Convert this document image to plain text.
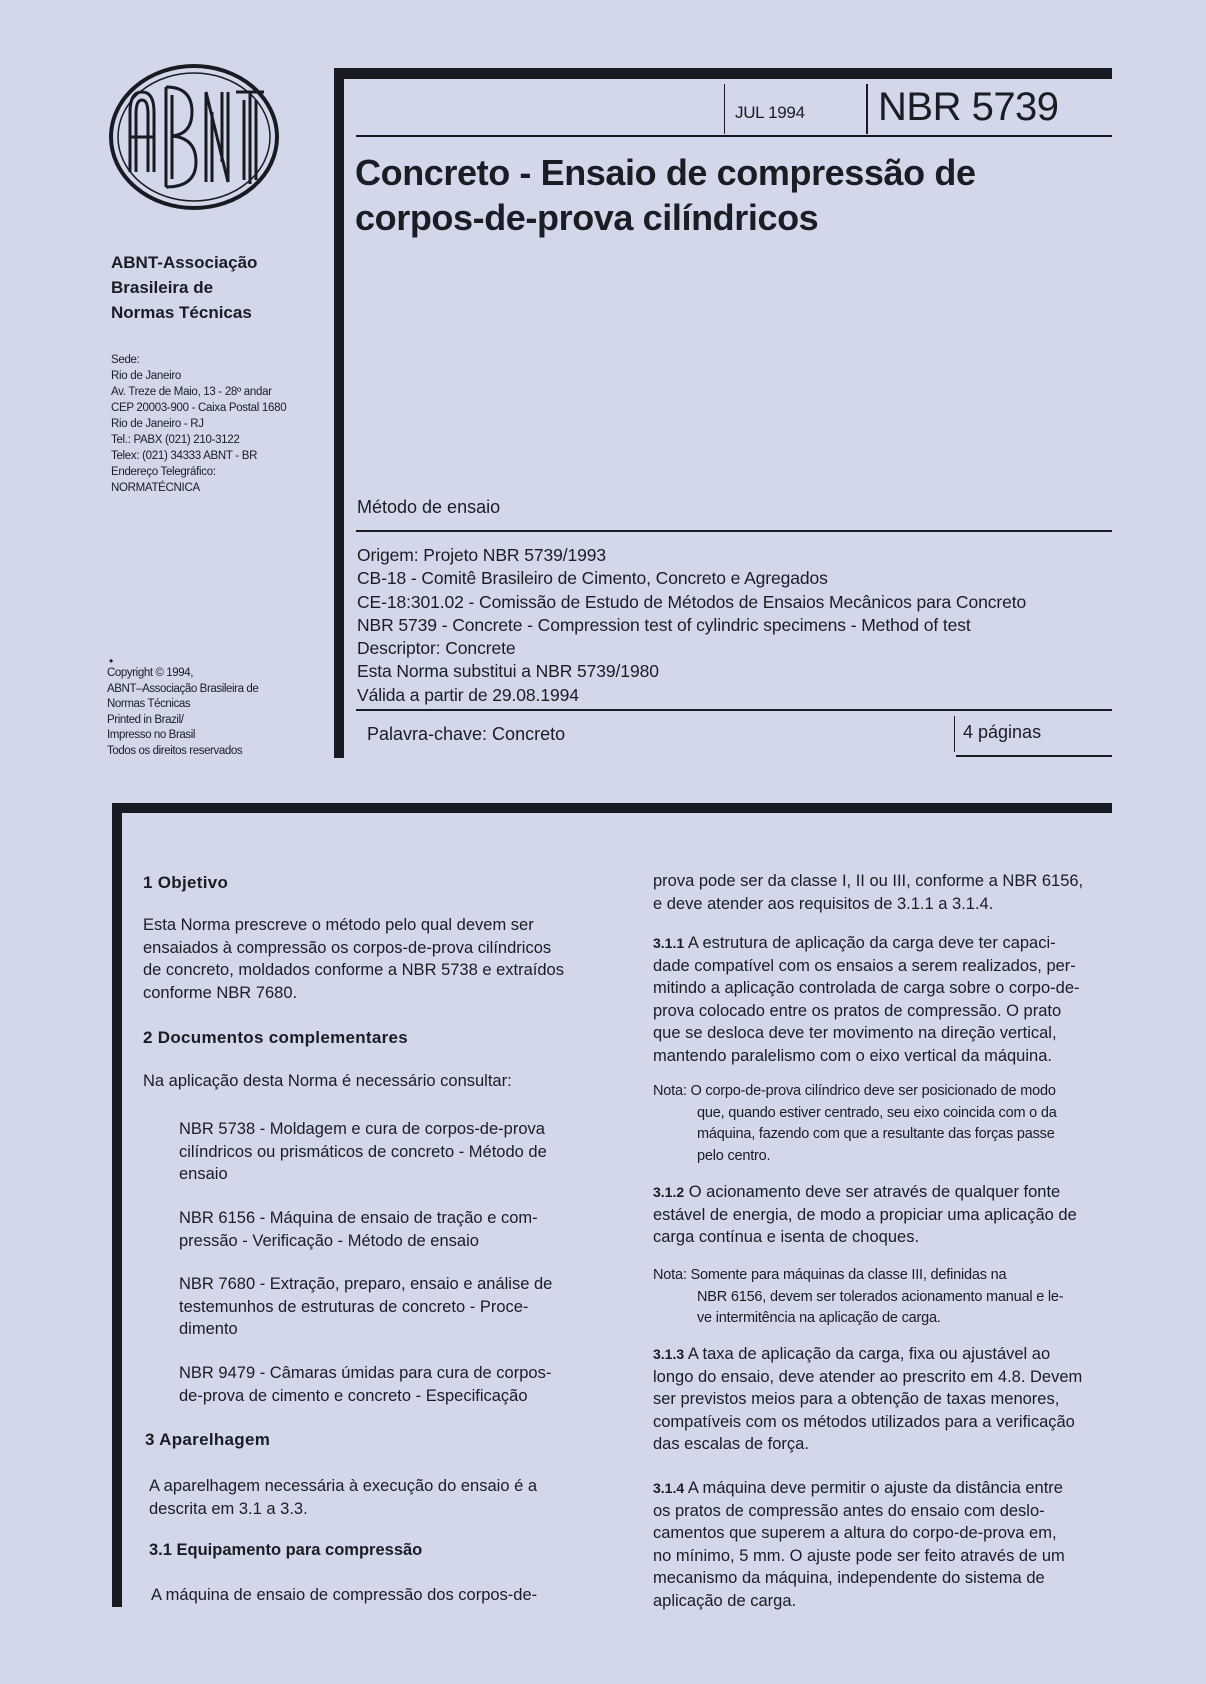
ABNT-Associação
Brasileira de
Normas Técnicas
Sede:
Rio de Janeiro
Av. Treze de Maio, 13 - 28º andar
CEP 20003-900 - Caixa Postal 1680
Rio de Janeiro - RJ
Tel.: PABX (021) 210-3122
Telex: (021) 34333 ABNT - BR
Endereço Telegráfico:
NORMATÉCNICA
•
Copyright © 1994,
ABNT–Associação Brasileira de
Normas Técnicas
Printed in Brazil/
Impresso no Brasil
Todos os direitos reservados
JUL 1994 NBR 5739
Concreto - Ensaio de compressão de
corpos-de-prova cilíndricos
Método de ensaio
Origem: Projeto NBR 5739/1993
CB-18 - Comitê Brasileiro de Cimento, Concreto e Agregados
CE-18:301.02 - Comissão de Estudo de Métodos de Ensaios Mecânicos para Concreto
NBR 5739 - Concrete - Compression test of cylindric specimens - Method of test
Descriptor: Concrete
Esta Norma substitui a NBR 5739/1980
Válida a partir de 29.08.1994
Palavra-chave: Concreto	4 páginas
1 Objetivo
Esta Norma prescreve o método pelo qual devem ser
ensaiados à compressão os corpos-de-prova cilíndricos
de concreto, moldados conforme a NBR 5738 e extraídos
conforme NBR 7680.
2 Documentos complementares
Na aplicação desta Norma é necessário consultar:
NBR 5738 - Moldagem e cura de corpos-de-prova
cilíndricos ou prismáticos de concreto - Método de
ensaio
NBR 6156 - Máquina de ensaio de tração e com-
pressão - Verificação - Método de ensaio
NBR 7680 - Extração, preparo, ensaio e análise de
testemunhos de estruturas de concreto - Proce-
dimento
NBR 9479 - Câmaras úmidas para cura de corpos-
de-prova de cimento e concreto - Especificação
3 Aparelhagem
A aparelhagem necessária à execução do ensaio é a
descrita em 3.1 a 3.3.
3.1 Equipamento para compressão
A máquina de ensaio de compressão dos corpos-de-
prova pode ser da classe I, II ou III, conforme a NBR 6156,
e deve atender aos requisitos de 3.1.1 a 3.1.4.
3.1.1 A estrutura de aplicação da carga deve ter capaci-
dade compatível com os ensaios a serem realizados, per-
mitindo a aplicação controlada de carga sobre o corpo-de-
prova colocado entre os pratos de compressão. O prato
que se desloca deve ter movimento na direção vertical,
mantendo paralelismo com o eixo vertical da máquina.
Nota: O corpo-de-prova cilíndrico deve ser posicionado de modo
que, quando estiver centrado, seu eixo coincida com o da
máquina, fazendo com que a resultante das forças passe
pelo centro.
3.1.2 O acionamento deve ser através de qualquer fonte
estável de energia, de modo a propiciar uma aplicação de
carga contínua e isenta de choques.
Nota: Somente para máquinas da classe III, definidas na
NBR 6156, devem ser tolerados acionamento manual e le-
ve intermitência na aplicação de carga.
3.1.3 A taxa de aplicação da carga, fixa ou ajustável ao
longo do ensaio, deve atender ao prescrito em 4.8. Devem
ser previstos meios para a obtenção de taxas menores,
compatíveis com os métodos utilizados para a verificação
das escalas de força.
3.1.4 A máquina deve permitir o ajuste da distância entre
os pratos de compressão antes do ensaio com deslo-
camentos que superem a altura do corpo-de-prova em,
no mínimo, 5 mm. O ajuste pode ser feito através de um
mecanismo da máquina, independente do sistema de
aplicação de carga.
